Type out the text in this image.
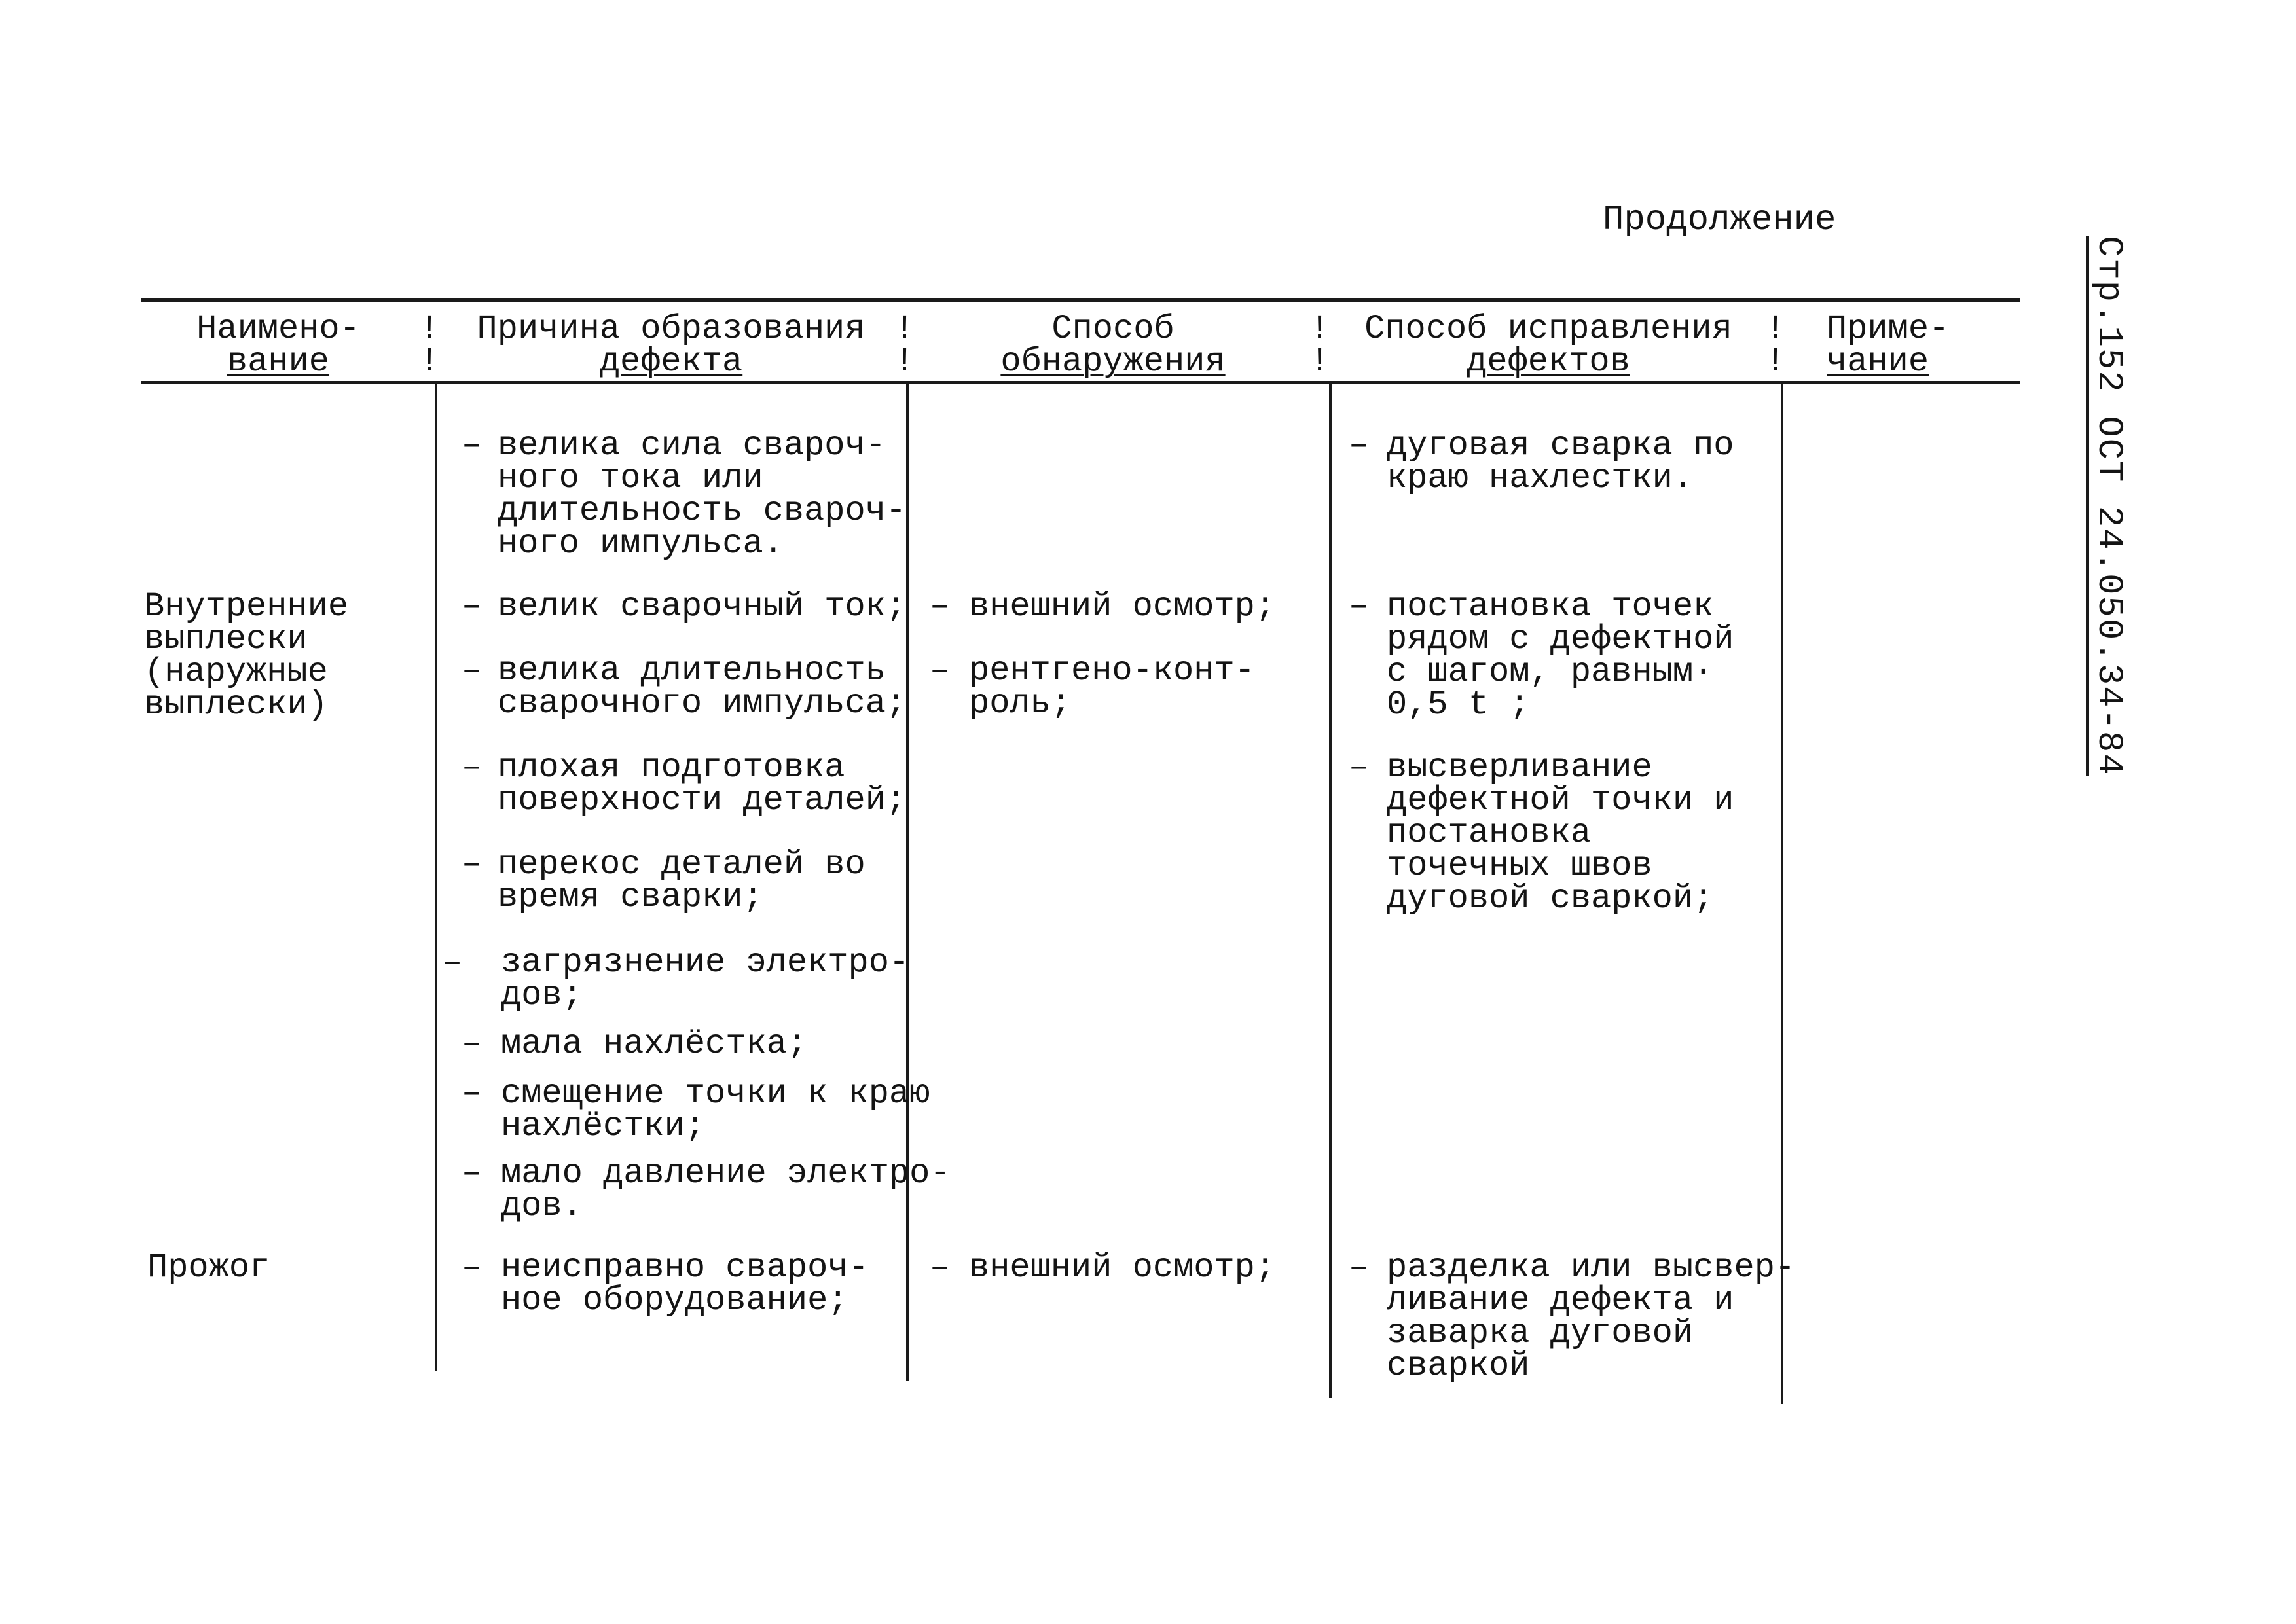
Продолжение
Стр.152 ОСТ 24.050.34-84
!
!
!
!
!
!
!
!
Наимено-
вание
Причина образования
дефекта
Способ
обнаружения
Способ исправления
дефектов
Приме-
чание
– велика сила свароч-
ного тока или
длительность свароч-
ного импульса.
– дуговая сварка по
краю нахлестки.
Внутренние
выплески
(наружные
выплески)
– велик сварочный ток;
– велика длительность
сварочного импульса;
– плохая подготовка
поверхности деталей;
– перекос деталей во
время сварки;
– загрязнение электро-
дов;
– мала нахлёстка;
– смещение точки к краю
нахлёстки;
– мало давление электро-
дов.
– внешний осмотр;
– рентгено-конт-
роль;
– постановка точек
рядом с дефектной
с шагом, равным·
0,5 t ;
– высверливание
дефектной точки и
постановка
точечных швов
дуговой сваркой;
Прожог	– неисправно сварoч-
ное оборудование;
– внешний осмотр; – разделка или высвер-
ливание дефекта и
заварка дуговой
сваркой
